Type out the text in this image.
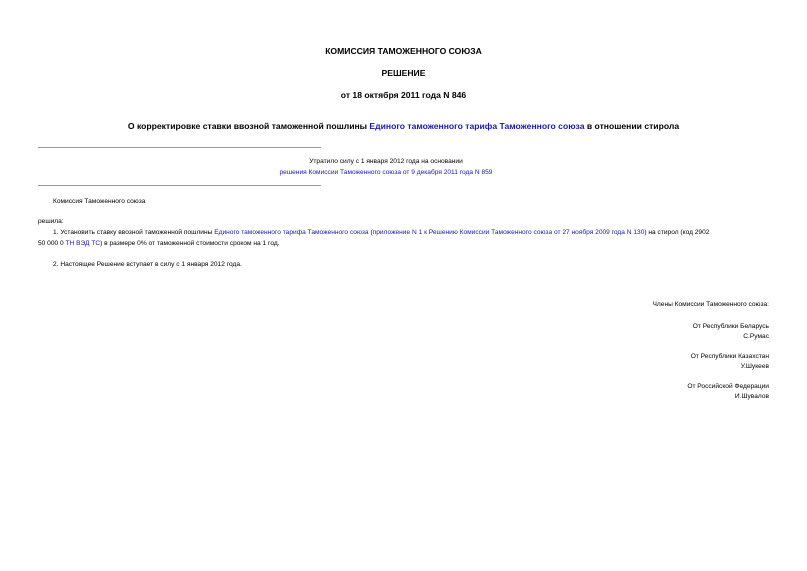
КОМИССИЯ ТАМОЖЕННОГО СОЮЗА
РЕШЕНИЕ
от 18 октября 2011 года N 846
О корректировке ставки ввозной таможенной пошлины Единого таможенного тарифа Таможенного союза в отношении стирола
Утратило силу с 1 января 2012 года на основании
решения Комиссии Таможенного союза от 9 декабря 2011 года N 859
Комиссия Таможенного союза
решила:
1. Установить ставку ввозной таможенной пошлины Единого таможенного тарифа Таможенного союза (приложение N 1 к Решению Комиссии Таможенного союза от 27 ноября 2009 года N 130) на стирол (код 2902
50 000 0 ТН ВЭД ТС) в размере 0% от таможенной стоимости сроком на 1 год.
2. Настоящее Решение вступает в силу с 1 января 2012 года.
Члены Комиссии Таможенного союза:
От Республики Беларусь
С.Румас
От Республики Казахстан
У.Шукеев
От Российской Федерации
И.Шувалов
